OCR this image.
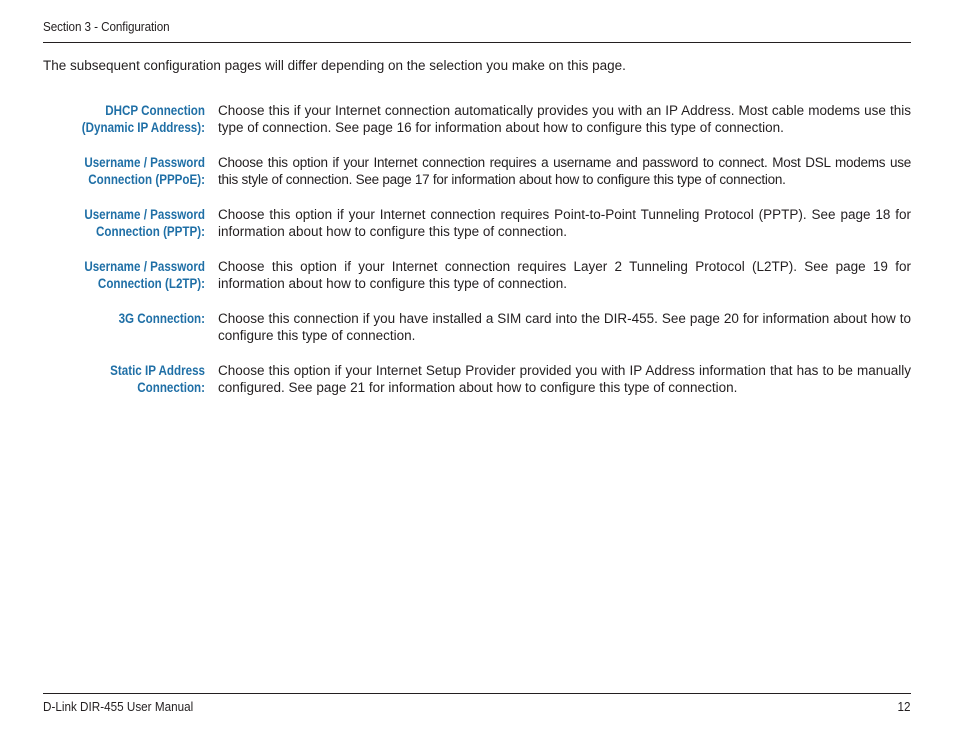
Section 3 - Configuration
The subsequent configuration pages will differ depending on the selection you make on this page.
DHCP Connection
(Dynamic IP Address):
Choose this if your Internet connection automatically provides you with an IP Address. Most cable modems use this type of connection. See page 16 for information about how to configure this type of connection.
Username / Password
Connection (PPPoE):
Choose this option if your Internet connection requires a username and password to connect. Most DSL modems use this style of connection. See page 17 for information about how to configure this type of connection.
Username / Password
Connection (PPTP):
Choose this option if your Internet connection requires Point-to-Point Tunneling Protocol (PPTP). See page 18 for information about how to configure this type of connection.
Username / Password
Connection (L2TP):
Choose this option if your Internet connection requires Layer 2 Tunneling Protocol (L2TP). See page 19 for information about how to configure this type of connection.
3G Connection: Choose this connection if you have installed a SIM card into the DIR-455. See page 20 for information about how to configure this type of connection.
Static IP Address
Connection:
Choose this option if your Internet Setup Provider provided you with IP Address information that has to be manually configured. See page 21 for information about how to configure this type of connection.
D-Link DIR-455 User Manual	12
